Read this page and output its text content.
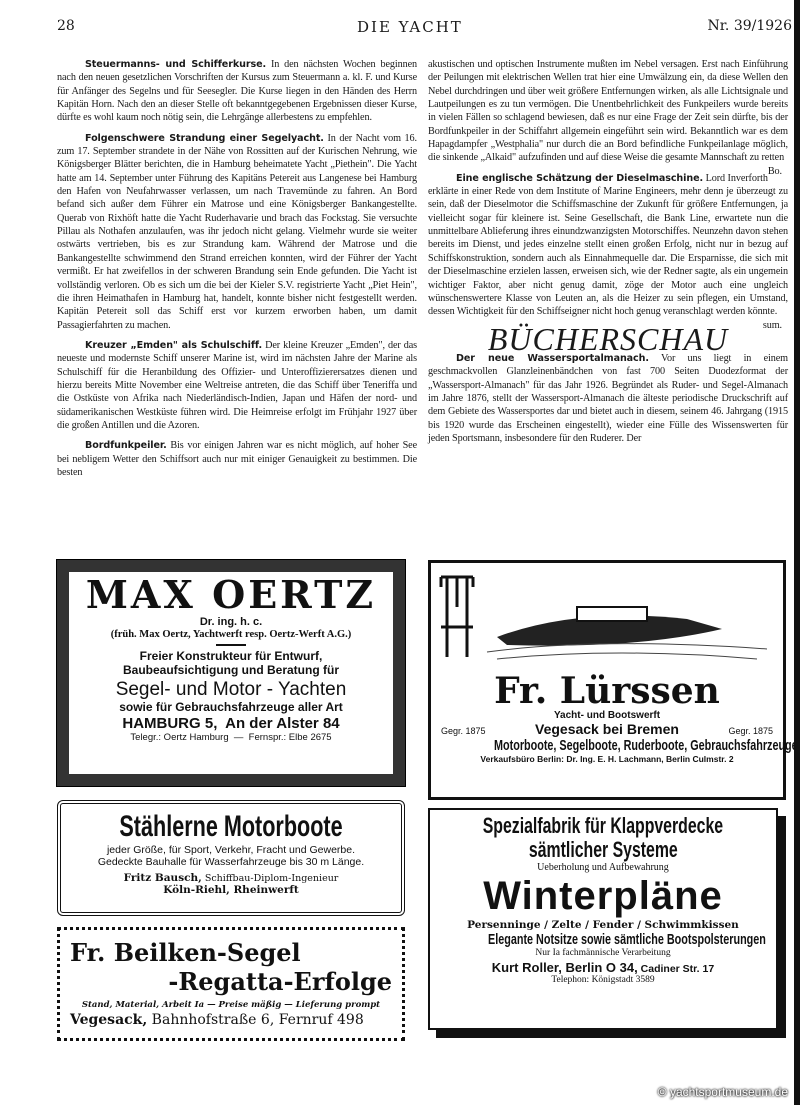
28	DIE YACHT	Nr. 39/1926

Steuermanns- und Schifferkurse. In den nächsten Wochen beginnen nach den neuen gesetzlichen Vorschriften der Kursus zum Steuermann a. kl. F. und Kurse für Anfänger des Segelns und für Seesegler. Die Kurse liegen in den Händen des Herrn Kapitän Horn. Nach den an dieser Stelle oft bekanntgegebenen Ergebnissen dieser Kurse, dürfte es wohl kaum noch nötig sein, die Lehrgänge allerbestens zu empfehlen.

Folgenschwere Strandung einer Segelyacht. In der Nacht vom 16. zum 17. September strandete in der Nähe von Rossitten auf der Kurischen Nehrung, wie Königsberger Blätter berichten, die in Hamburg beheimatete Yacht „Piethein". Die Yacht hatte am 14. September unter Führung des Kapitäns Petereit aus Langenese bei Hamburg den Hafen von Neufahrwasser verlassen, um nach Travemünde zu fahren. An Bord befand sich außer dem Führer ein Matrose und eine Königsberger Bankangestellte. Querab von Rixhöft hatte die Yacht Ruderhavarie und brach das Fockstag. Sie versuchte Pillau als Nothafen anzulaufen, was ihr jedoch nicht gelang. Vielmehr wurde sie weiter ostwärts vertrieben, bis es zur Strandung kam. Während der Matrose und die Bankangestellte schwimmend den Strand erreichen konnten, wird der Führer der Yacht vermißt. Er hat zweifellos in der schweren Brandung sein Ende gefunden. Die Yacht ist vollständig verloren. Ob es sich um die bei der Kieler S.V. registrierte Yacht „Piet Hein", die ihren Heimathafen in Hamburg hat, handelt, konnte bisher nicht festgestellt werden. Kapitän Petereit soll das Schiff erst vor kurzem erworben haben, um damit Passagierfahrten zu machen.

Kreuzer „Emden" als Schulschiff. Der kleine Kreuzer „Emden", der das neueste und modernste Schiff unserer Marine ist, wird im nächsten Jahre der Marine als Schulschiff für die Heranbildung des Offizier- und Unteroffizierersatzes dienen und hierzu bereits Mitte November eine Weltreise antreten, die das Schiff über Teneriffa und die Ostküste von Afrika nach Niederländisch-Indien, Japan und Häfen der nord- und südamerikanischen Westküste führen wird. Die Heimreise erfolgt im Frühjahr 1927 über die großen Antillen und die Azoren.

Bordfunkpeiler. Bis vor einigen Jahren war es nicht möglich, auf hoher See bei nebligem Wetter den Schiffsort auch nur mit einiger Genauigkeit zu bestimmen. Die besten

akustischen und optischen Instrumente mußten im Nebel versagen. Erst nach Einführung der Peilungen mit elektrischen Wellen trat hier eine Umwälzung ein, da diese Wellen den Nebel durchdringen und über weit größere Entfernungen wirken, als alle Lichtsignale und Lautpeilungen es zu tun vermögen. Die Unentbehrlichkeit des Funkpeilers wurde bereits in vielen Fällen so schlagend bewiesen, daß es nur eine Frage der Zeit sein dürfte, bis der Bordfunkpeiler in der Schiffahrt allgemein eingeführt sein wird. Bekanntlich war es dem Hapagdampfer „Westphalia" nur durch die an Bord befindliche Funkpeilanlage möglich, die sinkende „Alkaid" aufzufinden und auf diese Weise die gesamte Mannschaft zu retten
Bo.

Eine englische Schätzung der Dieselmaschine. Lord Inverforth erklärte in einer Rede von dem Institute of Marine Engineers, mehr denn je überzeugt zu sein, daß der Dieselmotor die Schiffsmaschine der Zukunft für größere Entfernungen, ja vielleicht sogar für kleinere ist. Seine Gesellschaft, die Bank Line, erwartete nun die unmittelbare Ablieferung ihres einundzwanzigsten Motorschiffes. Neunzehn davon stehen bereits im Dienst, und jedes einzelne stellt einen großen Erfolg, nicht nur in bezug auf Schiffskonstruktion, sondern auch als Einnahmequelle dar. Die Ersparnisse, die sich mit der Dieselmaschine erzielen lassen, erweisen sich, wie der Redner sagte, als ein ungemein wichtiger Faktor, aber nicht genug damit, zöge der Motor auch eine ungleich wünschenswertere Klasse von Leuten an, als die Heizer zu sein pflegen, ein Umstand, dessen Wichtigkeit für den Schiffseigner nicht hoch genug veranschlagt werden könnte.
sum.

BÜCHERSCHAU

Der neue Wassersportalmanach. Vor uns liegt in einem geschmackvollen Glanzleinenbändchen von fast 700 Seiten Duodezformat der „Wassersport-Almanach" für das Jahr 1926. Begründet als Ruder- und Segel-Almanach im Jahre 1876, stellt der Wassersport-Almanach die älteste periodische Druckschrift auf dem Gebiete des Wassersportes dar und bietet auch in diesem, seinem 46. Jahrgang (1915 bis 1920 wurde das Erscheinen eingestellt), wieder eine Fülle des Wissenswerten für jeden Sportsmann, insbesondere für den Ruderer. Der

MAX OERTZ
Dr. ing. h. c.
(früh. Max Oertz, Yachtwerft resp. Oertz-Werft A.G.)
Freier Konstrukteur für Entwurf, Baubeaufsichtigung und Beratung für
Segel- und Motor - Yachten
sowie für Gebrauchsfahrzeuge aller Art
HAMBURG 5,  An der Alster 84
Telegr.: Oertz Hamburg  —  Fernspr.: Elbe 2675
Fr. Lürssen
Yacht- und Bootswerft
Gegr. 1875	Vegesack bei Bremen	Gegr. 1875
Motorboote, Segelboote, Ruderboote, Gebrauchsfahrzeuge
Verkaufsbüro Berlin: Dr. Ing. E. H. Lachmann, Berlin Culmstr. 2
Stählerne Motorboote
jeder Größe, für Sport, Verkehr, Fracht und Gewerbe.
Gedeckte Bauhalle für Wasserfahrzeuge bis 30 m Länge.
Fritz Bausch, Schiffbau-Diplom-Ingenieur
Köln-Riehl, Rheinwerft
Fr. Beilken-Segel
-Regatta-Erfolge
Stand, Material, Arbeit Ia — Preise mäßig — Lieferung prompt
Vegesack, Bahnhofstraße 6, Fernruf 498
Spezialfabrik für Klappverdecke
sämtlicher Systeme
Ueberholung und Aufbewahrung
Winterpläne
Persenninge / Zelte / Fender / Schwimmkissen
Elegante Notsitze sowie sämtliche Bootspolsterungen
Nur Ia fachmännische Verarbeitung
Kurt Roller, Berlin O 34, Cadiner Str. 17
Telephon: Königstadt 3589
© yachtsportmuseum.de
